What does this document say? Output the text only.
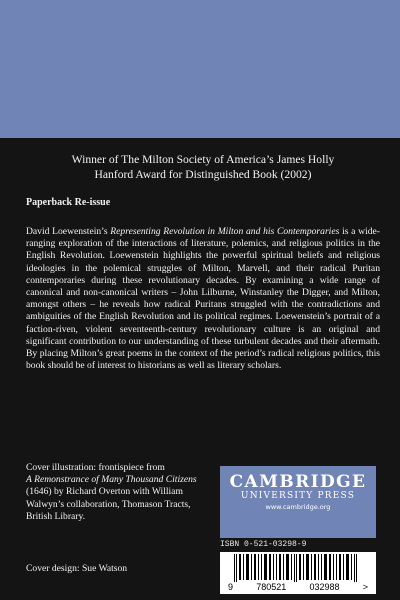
Winner of The Milton Society of America’s James Holly
Hanford Award for Distinguished Book (2002)
Paperback Re-issue
David Loewenstein’s Representing Revolution in Milton and his Contemporaries is a wide-ranging exploration of the interactions of literature, polemics, and religious politics in the English Revolution. Loewenstein highlights the powerful spiritual beliefs and religious ideologies in the polemical struggles of Milton, Marvell, and their radical Puritan contemporaries during these revolutionary decades. By examining a wide range of canonical and non-canonical writers – John Lilburne, Winstanley the Digger, and Milton, amongst others – he reveals how radical Puritans struggled with the contradictions and ambiguities of the English Revolution and its political regimes. Loewenstein’s portrait of a faction-riven, violent seventeenth-century revolutionary culture is an original and significant contribution to our understanding of these turbulent decades and their aftermath. By placing Milton’s great poems in the context of the period’s radical religious politics, this book should be of interest to historians as well as literary scholars.
Cover illustration: frontispiece from
A Remonstrance of Many Thousand Citizens (1646) by Richard Overton with William Walwyn’s collaboration, Thomason Tracts, British Library.
Cover design: Sue Watson
CAMBRIDGE
UNIVERSITY PRESS
www.cambridge.org
ISBN 0-521-03298-9
9	780521	032988	>
